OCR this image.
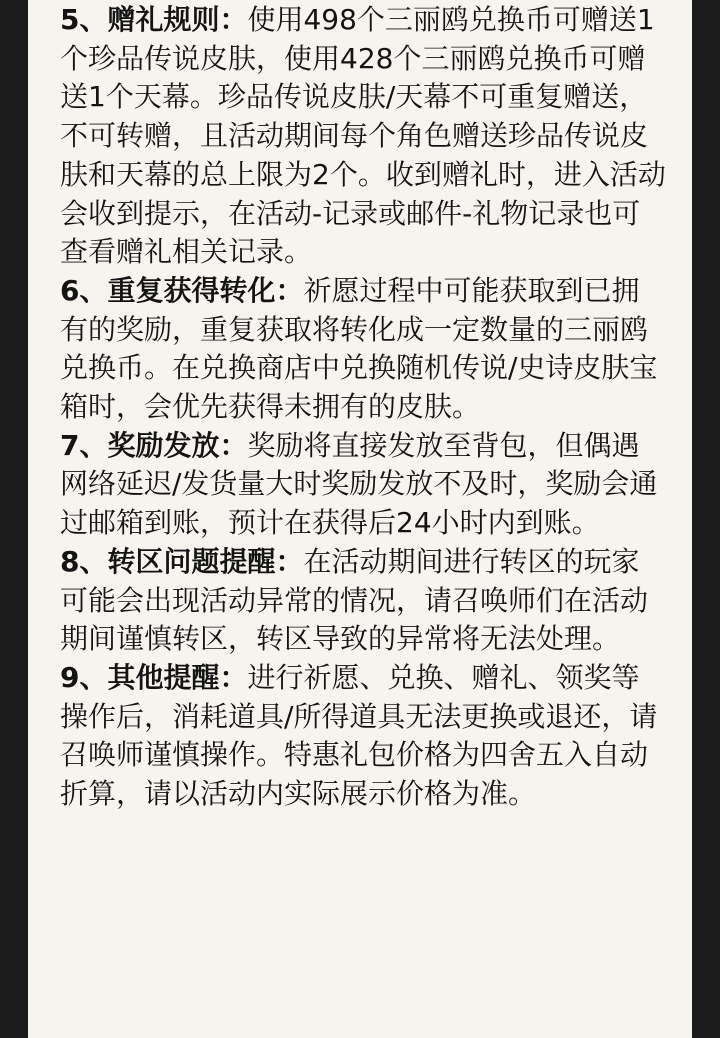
5、赠礼规则：使用498个三丽鸥兑换币可赠送1个珍品传说皮肤，使用428个三丽鸥兑换币可赠送1个天幕。珍品传说皮肤/天幕不可重复赠送，不可转赠，且活动期间每个角色赠送珍品传说皮肤和天幕的总上限为2个。收到赠礼时，进入活动会收到提示，在活动-记录或邮件-礼物记录也可查看赠礼相关记录。

6、重复获得转化：祈愿过程中可能获取到已拥有的奖励，重复获取将转化成一定数量的三丽鸥兑换币。在兑换商店中兑换随机传说/史诗皮肤宝箱时，会优先获得未拥有的皮肤。

7、奖励发放：奖励将直接发放至背包，但偶遇网络延迟/发货量大时奖励发放不及时，奖励会通过邮箱到账，预计在获得后24小时内到账。

8、转区问题提醒：在活动期间进行转区的玩家可能会出现活动异常的情况，请召唤师们在活动期间谨慎转区，转区导致的异常将无法处理。

9、其他提醒：进行祈愿、兑换、赠礼、领奖等操作后，消耗道具/所得道具无法更换或退还，请召唤师谨慎操作。特惠礼包价格为四舍五入自动折算，请以活动内实际展示价格为准。
